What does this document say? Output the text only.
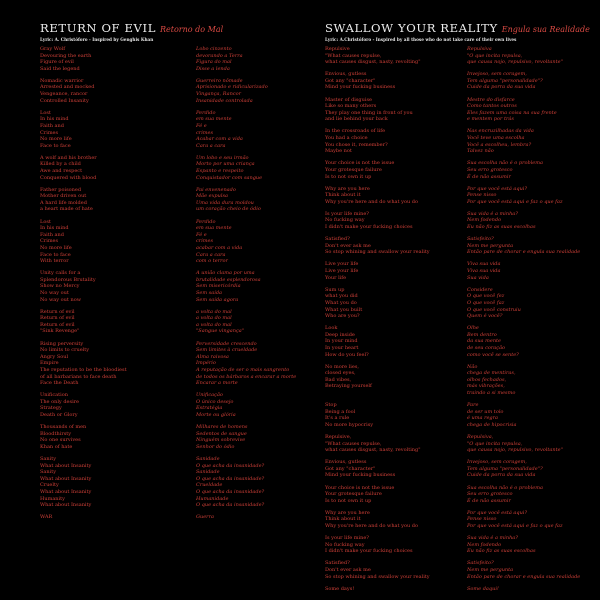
RETURN OF EVIL Retorno do Mal
Lyric: A. Christóforo - Inspired by Genghis Khan
Gray Wolf
Devouring the earth
Figure of evil
Said the legend
Lobo cinzento
devorando a Terra
Figura do mal
Disse a lenda
Nomadic warrior
Arrested and mocked
Vengeance, rancor
Controlled Insanity
Guerreiro nômade
Aprisionado e ridicularizado
Vingança, Rancor
Insanidade controlada
Lost
In his mind
Faith and
Crimes
No more life
Face to face
Perdido
em sua mente
Fé e
crimes
Acabar com a vida
Cara a cara
A wolf and his brother
Killed by a child
Awe and respect
Conquered with blood
Um lobo e seu irmão
Morto por uma criança
Espanto e respeito
Conquistador com sangue
Father poisoned
Mother driven out
A hard life molded
a heart made of hate
Pai envenenado
Mãe expulsa
Uma vida dura moldou
um coração cheio de ódio
Lost
In his mind
Faith and
Crimes
No more life
Face to face
With terror
Perdido
em sua mente
Fé e
crimes
acabar com a vida
Cara a cara
com o terror
Unity calls for a
Splendorous Brutality
Show no Mercy
No way out
No way out now
A união clama por uma
brutalidade esplendorosa
Sem misericórdia
Sem saída
Sem saída agora
Return of evil
Return of evil
Return of evil
"Sink Revenge"
a volta do mal
a volta do mal
a volta do mal
"Sangue vingança"
Rising perversity
No limits to cruelty
Angry Soul
Empire
The reputation to be the bloodiest
of all barbarians to face death
Face the Death
Perversidade crescendo
Sem limites à crueldade
Alma raivosa
Império
A reputação de ser o mais sangrento
de todos os bárbaros a encarar a morte
Encarar a morte
Unification
The only desire
Strategy
Death or Glory
Unificação
O único desejo
Estratégia
Morte ou glória
Thousands of men
Bloodthirsty
No one survives
Khan of hate
Milhares de homens
Sedentos de sangue
Ninguém sobrevive
Senhor do ódio
Sanity
What about Insanity
Sanity
What about Insanity
Cruelty
What about Insanity
Humanity
What about Insanity
Sanidade
O que acha da insanidade?
Sanidade
O que acha da insanidade?
Crueldade
O que acha da insanidade?
Humanidade
O que acha da insanidade?
WAR	Guerra
SWALLOW YOUR REALITY Engula sua Realidade
Lyric: A.Christóforo - Inspired by all those who do not take care of their own lives
Repulsive
"What causes repulse,
what causes disgust, nasty, revolting"
Repulsiva
"O que incita repulsa,
que causa nojo, repulsivo, revoltante"
Envious, gutless
Got any "character"
Mind your fucking business
Invejoso, sem coragem,
Tem alguma "personalidade"?
Cuide da porra da sua vida
Master of disguise
Like so many others
They play one thing in front of you
and lie behind your back
Mestre do disfarce
Como tantos outros
Eles fazem uma coisa na sua frente
e mentem por trás
In the crossroads of life
You had a choice
You chose it, remember?
Maybe not
Nas encruzilhadas da vida
Você teve uma escolha
Você a escolheu, lembra?
Talvez não
Your choice is not the issue
Your grotesque failure
Is to not own it up
Sua escolha não é o problema
Seu erro grotesco
É de não assumir
Why are you here
Think about it
Why you're here and do what you do
Por que você está aqui?
Pense nisso
Por que você está aqui e faz o que faz
Is your life mine?
No fucking way
I didn't make your fucking choices
Sua vida é a minha?
Nem fodendo
Eu não fiz as suas escolhas
Satisfied?
Don't ever ask me
So stop whining and swallow your reality
Satisfeito?
Nem me pergunta
Então pare de chorar e engula sua realidade
Live your life
Live your life
Your life
Viva sua vida
Viva sua vida
Sua vida
Sum up
what you did
What you do
What you built
Who are you?
Considere
O que você fez
O que você faz
O que você construiu
Quem é você?
Look
Deep inside
In your mind
In your heart
How do you feel?
Olhe
Bem dentro
da sua mente
de seu coração
como você se sente?
No more lies,
closed eyes,
Bad vibes,
Betraying yourself
Não
chega de mentiras,
olhos fechados,
más vibrações,
traindo a si mesmo
Stop
Being a fool
It's a rule
No more hypocrisy
Pare
de ser um tolo
é uma regra
chega de hipocrisia
Repulsive,
"What causes repulse,
what causes disgust, nasty, revolting"
Repulsiva,
"O que incita repulsa,
que causa nojo, repulsivo, revoltante"
Envious, gutless
Got any "character"
Mind your fucking business
Invejoso, sem coragem,
Tem alguma "personalidade"?
Cuide da porra da sua vida
Your choice is not the issue
Your grotesque failure
Is to not own it up
Sua escolha não é o problema
Seu erro grotesco
É de não assumir
Why are you here
Think about it
Why you're here and do what you do
Por que você está aqui?
Pense nisso
Por que você está aqui e faz o que faz
Is your life mine?
No fucking way
I didn't make your fucking choices
Sua vida é a minha?
Nem fodendo
Eu não fiz as suas escolhas
Satisfied?
Don't ever ask me
So stop whining and swallow your reality
Satisfeito?
Nem me pergunta
Então pare de chorar e engula sua realidade
Some days!	Some daqui!
